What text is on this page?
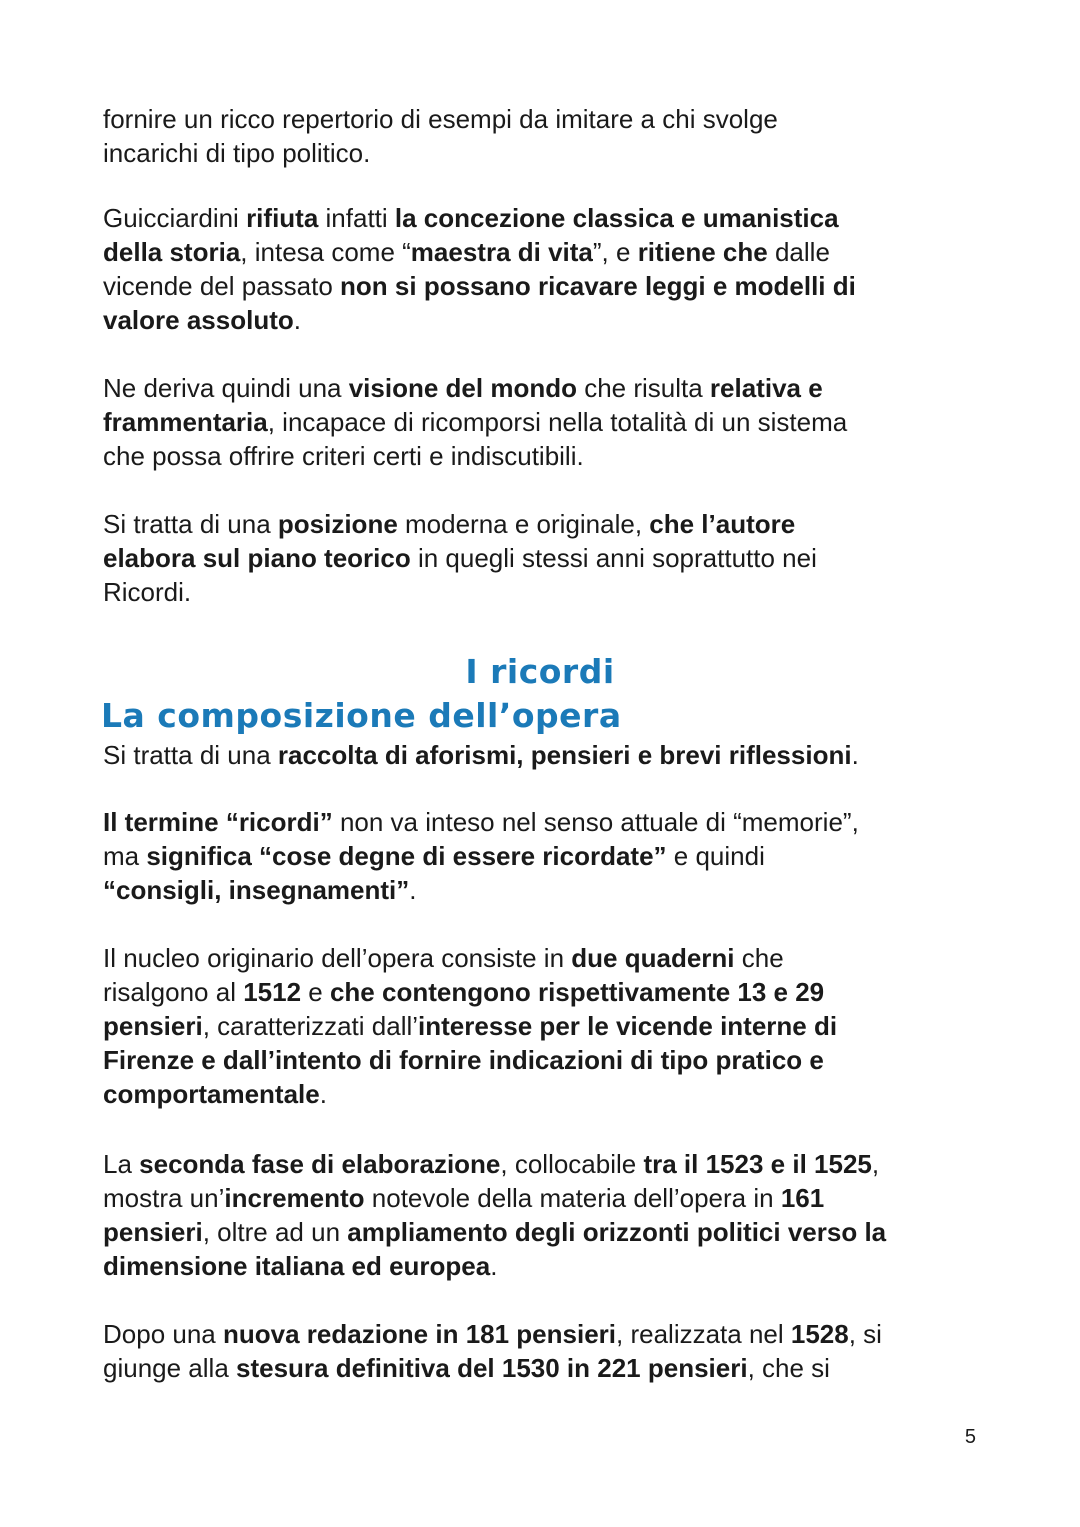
fornire un ricco repertorio di esempi da imitare a chi svolge
incarichi di tipo politico.
Guicciardini rifiuta infatti la concezione classica e umanistica
della storia, intesa come “maestra di vita”, e ritiene che dalle
vicende del passato non si possano ricavare leggi e modelli di
valore assoluto.
Ne deriva quindi una visione del mondo che risulta relativa e
frammentaria, incapace di ricomporsi nella totalità di un sistema
che possa offrire criteri certi e indiscutibili.
Si tratta di una posizione moderna e originale, che l’autore
elabora sul piano teorico in quegli stessi anni soprattutto nei
Ricordi.
Si tratta di una raccolta di aforismi, pensieri e brevi riflessioni.
Il termine “ricordi” non va inteso nel senso attuale di “memorie”,
ma significa “cose degne di essere ricordate” e quindi
“consigli, insegnamenti”.
Il nucleo originario dell’opera consiste in due quaderni che
risalgono al 1512 e che contengono rispettivamente 13 e 29
pensieri, caratterizzati dall’interesse per le vicende interne di
Firenze e dall’intento di fornire indicazioni di tipo pratico e
comportamentale.
La seconda fase di elaborazione, collocabile tra il 1523 e il 1525,
mostra un’incremento notevole della materia dell’opera in 161
pensieri, oltre ad un ampliamento degli orizzonti politici verso la
dimensione italiana ed europea.
Dopo una nuova redazione in 181 pensieri, realizzata nel 1528, si
giunge alla stesura definitiva del 1530 in 221 pensieri, che si
I ricordi
La composizione dell’opera
5
